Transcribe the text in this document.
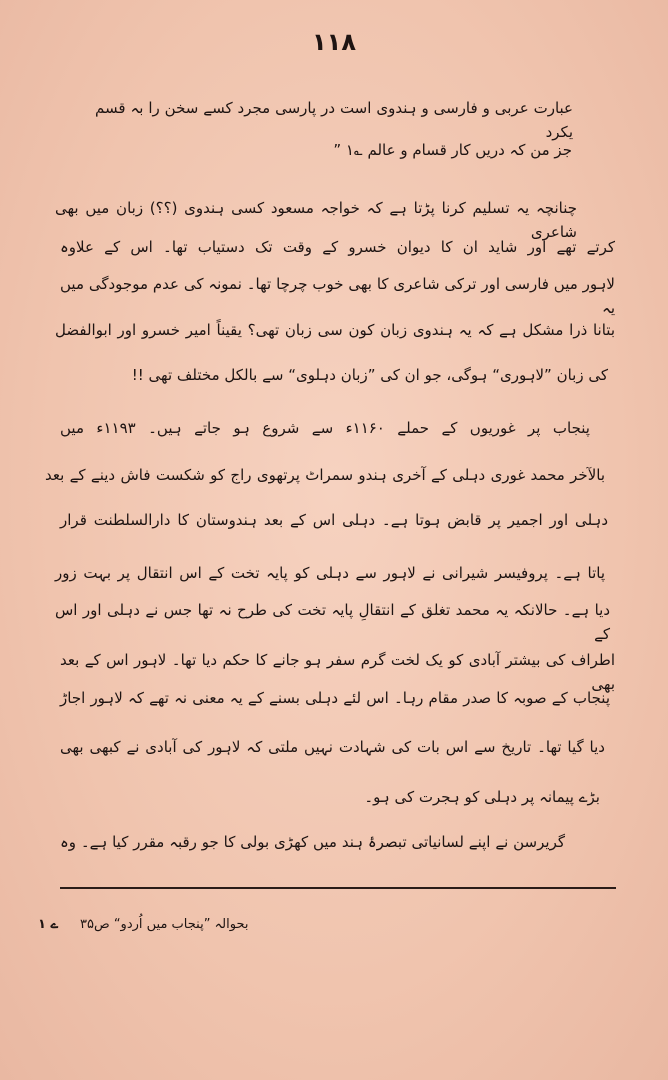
۱۱۸
عبارت عربی و فارسی و ہندوی است در پارسی مجرد کسے سخن را بہ قسم یکرد
جز من کہ دریں کار قسام و عالم ؎۱ ”
چنانچہ یہ تسلیم کرنا پڑتا ہے کہ خواجہ مسعود کسی ہندوی (؟؟) زبان میں بھی شاعری
کرتے تھے اور شاید ان کا دیوان خسرو کے وقت تک دستیاب تھا۔ اس کے علاوہ
لاہور میں فارسی اور ترکی شاعری کا بھی خوب چرچا تھا۔ نمونہ کی عدم موجودگی میں یہ
بتانا ذرا مشکل ہے کہ یہ ہندوی زبان کون سی زبان تھی؟ یقیناً امیر خسرو اور ابوالفضل
کی زبان ”لاہوری“ ہوگی، جو ان کی ”زبان دہلوی“ سے بالکل مختلف تھی !!
پنجاب پر غوریوں کے حملے ۱۱۶۰ء سے شروع ہو جاتے ہیں۔ ۱۱۹۳ء میں
بالآخر محمد غوری دہلی کے آخری ہندو سمراٹ پرتھوی راج کو شکست فاش دینے کے بعد
دہلی اور اجمیر پر قابض ہوتا ہے۔ دہلی اس کے بعد ہندوستان کا دارالسلطنت قرار
پاتا ہے۔ پروفیسر شیرانی نے لاہور سے دہلی کو پایہ تخت کے اس انتقال پر بہت زور
دیا ہے۔ حالانکہ یہ محمد تغلق کے انتقالِ پایہ تخت کی طرح نہ تھا جس نے دہلی اور اس کے
اطراف کی بیشتر آبادی کو یک لخت گرم سفر ہو جانے کا حکم دیا تھا۔ لاہور اس کے بعد بھی
پنجاب کے صوبہ کا صدر مقام رہا۔ اس لئے دہلی بسنے کے یہ معنی نہ تھے کہ لاہور اجاڑ
دیا گیا تھا۔ تاریخ سے اس بات کی شہادت نہیں ملتی کہ لاہور کی آبادی نے کبھی بھی
بڑے پیمانہ پر دہلی کو ہجرت کی ہو۔
گریرسن نے اپنے لسانیاتی تبصرۂ ہند میں کھڑی بولی کا جو رقبہ مقرر کیا ہے۔ وہ
۱ ے بحوالہ ”پنجاب میں اُردو“ ص۳۵
